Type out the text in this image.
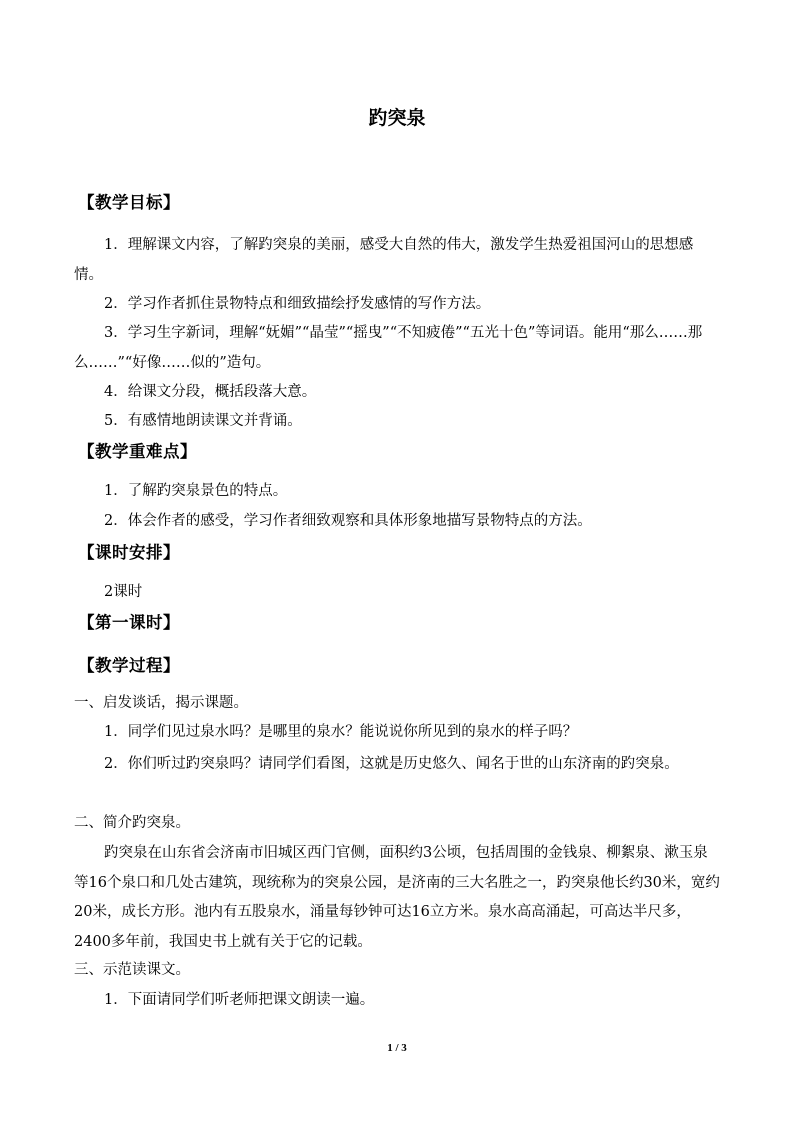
趵突泉
【教学目标】
1．理解课文内容，了解趵突泉的美丽，感受大自然的伟大，激发学生热爱祖国河山的思想感情。
2．学习作者抓住景物特点和细致描绘抒发感情的写作方法。
3．学习生字新词，理解“妩媚”“晶莹”“摇曳”“不知疲倦”“五光十色”等词语。能用“那么……那么……”“好像……似的”造句。
4．给课文分段，概括段落大意。
5．有感情地朗读课文并背诵。
【教学重难点】
1．了解趵突泉景色的特点。
2．体会作者的感受，学习作者细致观察和具体形象地描写景物特点的方法。
【课时安排】
2课时
【第一课时】
【教学过程】
一、启发谈话，揭示课题。
1．同学们见过泉水吗？是哪里的泉水？能说说你所见到的泉水的样子吗？
2．你们听过趵突泉吗？请同学们看图，这就是历史悠久、闻名于世的山东济南的趵突泉。
二、简介趵突泉。
趵突泉在山东省会济南市旧城区西门官侧，面积约3公顷，包括周围的金钱泉、柳絮泉、漱玉泉等16个泉口和几处古建筑，现统称为的突泉公园，是济南的三大名胜之一，趵突泉他长约30米，宽约20米，成长方形。池内有五股泉水，涌量每钞钟可达16立方米。泉水高高涌起，可高达半尺多，2400多年前，我国史书上就有关于它的记载。
三、示范读课文。
1．下面请同学们听老师把课文朗读一遍。
1 / 3
